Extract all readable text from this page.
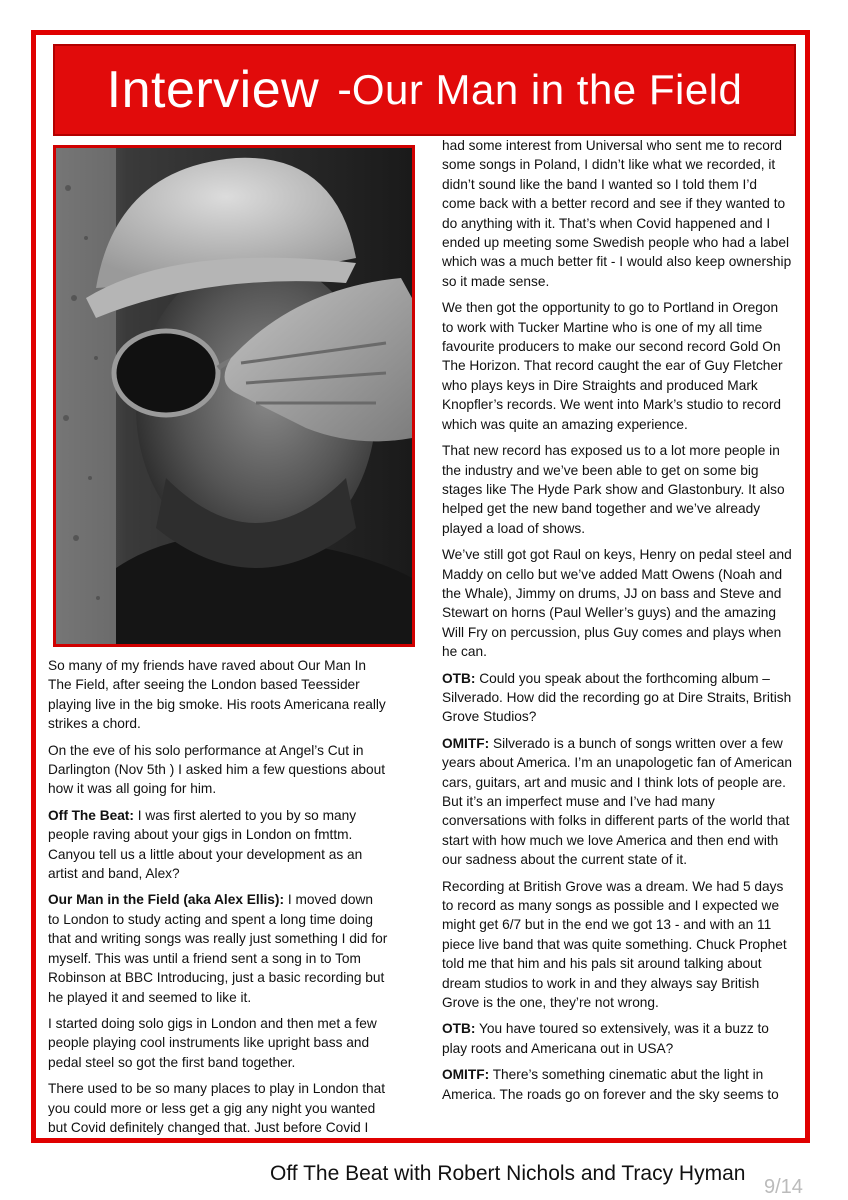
Interview - Our Man in the Field

So many of my friends have raved about Our Man In The Field, after seeing the London based Teessider playing live in the big smoke. His roots Americana really strikes a chord.

On the eve of his solo performance at Angel’s Cut in Darlington (Nov 5th ) I asked him a few questions about how it was all going for him.

Off The Beat: I was first alerted to you by so many people raving about your gigs in London on fmttm. Canyou tell us a little about your development as an artist and band, Alex?

Our Man in the Field (aka Alex Ellis): I moved down to London to study acting and spent a long time doing that and writing songs was really just something I did for myself. This was until a friend sent a song in to Tom Robinson at BBC Introducing, just a basic recording but he played it and seemed to like it.

I started doing solo gigs in London and then met a few people playing cool instruments like upright bass and pedal steel so got the first band together.

There used to be so many places to play in London that you could more or less get a gig any night you wanted but Covid definitely changed that. Just before Covid I

had some interest from Universal who sent me to record some songs in Poland, I didn’t like what we recorded, it didn’t sound like the band I wanted so I told them I’d come back with a better record and see if they wanted to do anything with it. That’s when Covid happened and I ended up meeting some Swedish people who had a label which was a much better fit - I would also keep ownership so it made sense.

We then got the opportunity to go to Portland in Oregon to work with Tucker Martine who is one of my all time favourite producers to make our second record Gold On The Horizon. That record caught the ear of Guy Fletcher who plays keys in Dire Straights and produced Mark Knopfler’s records. We went into Mark’s studio to record which was quite an amazing experience.

That new record has exposed us to a lot more people in the industry and we’ve been able to get on some big stages like The Hyde Park show and Glastonbury. It also helped get the new band together and we’ve already played a load of shows.

We’ve still got got Raul on keys, Henry on pedal steel and Maddy on cello but we’ve added Matt Owens (Noah and the Whale), Jimmy on drums, JJ on bass and Steve and Stewart on horns (Paul Weller’s guys) and the amazing Will Fry on percussion, plus Guy comes and plays when he can.

OTB: Could you speak about the forthcoming album – Silverado. How did the recording go at Dire Straits, British Grove Studios?

OMITF: Silverado is a bunch of songs written over a few years about America. I’m an unapologetic fan of American cars, guitars, art and music and I think lots of people are. But it’s an imperfect muse and I’ve had many conversations with folks in different parts of the world that start with how much we love America and then end with our sadness about the current state of it.

Recording at British Grove was a dream. We had 5 days to record as many songs as possible and I expected we might get 6/7 but in the end we got 13 - and with an 11 piece live band that was quite something. Chuck Prophet told me that him and his pals sit around talking about dream studios to work in and they always say British Grove is the one, they’re not wrong.

OTB: You have toured so extensively, was it a buzz to play roots and Americana out in USA?

OMITF: There’s something cinematic abut the light in America. The roads go on forever and the sky seems to

Off The Beat with Robert Nichols and Tracy Hyman
9/14
